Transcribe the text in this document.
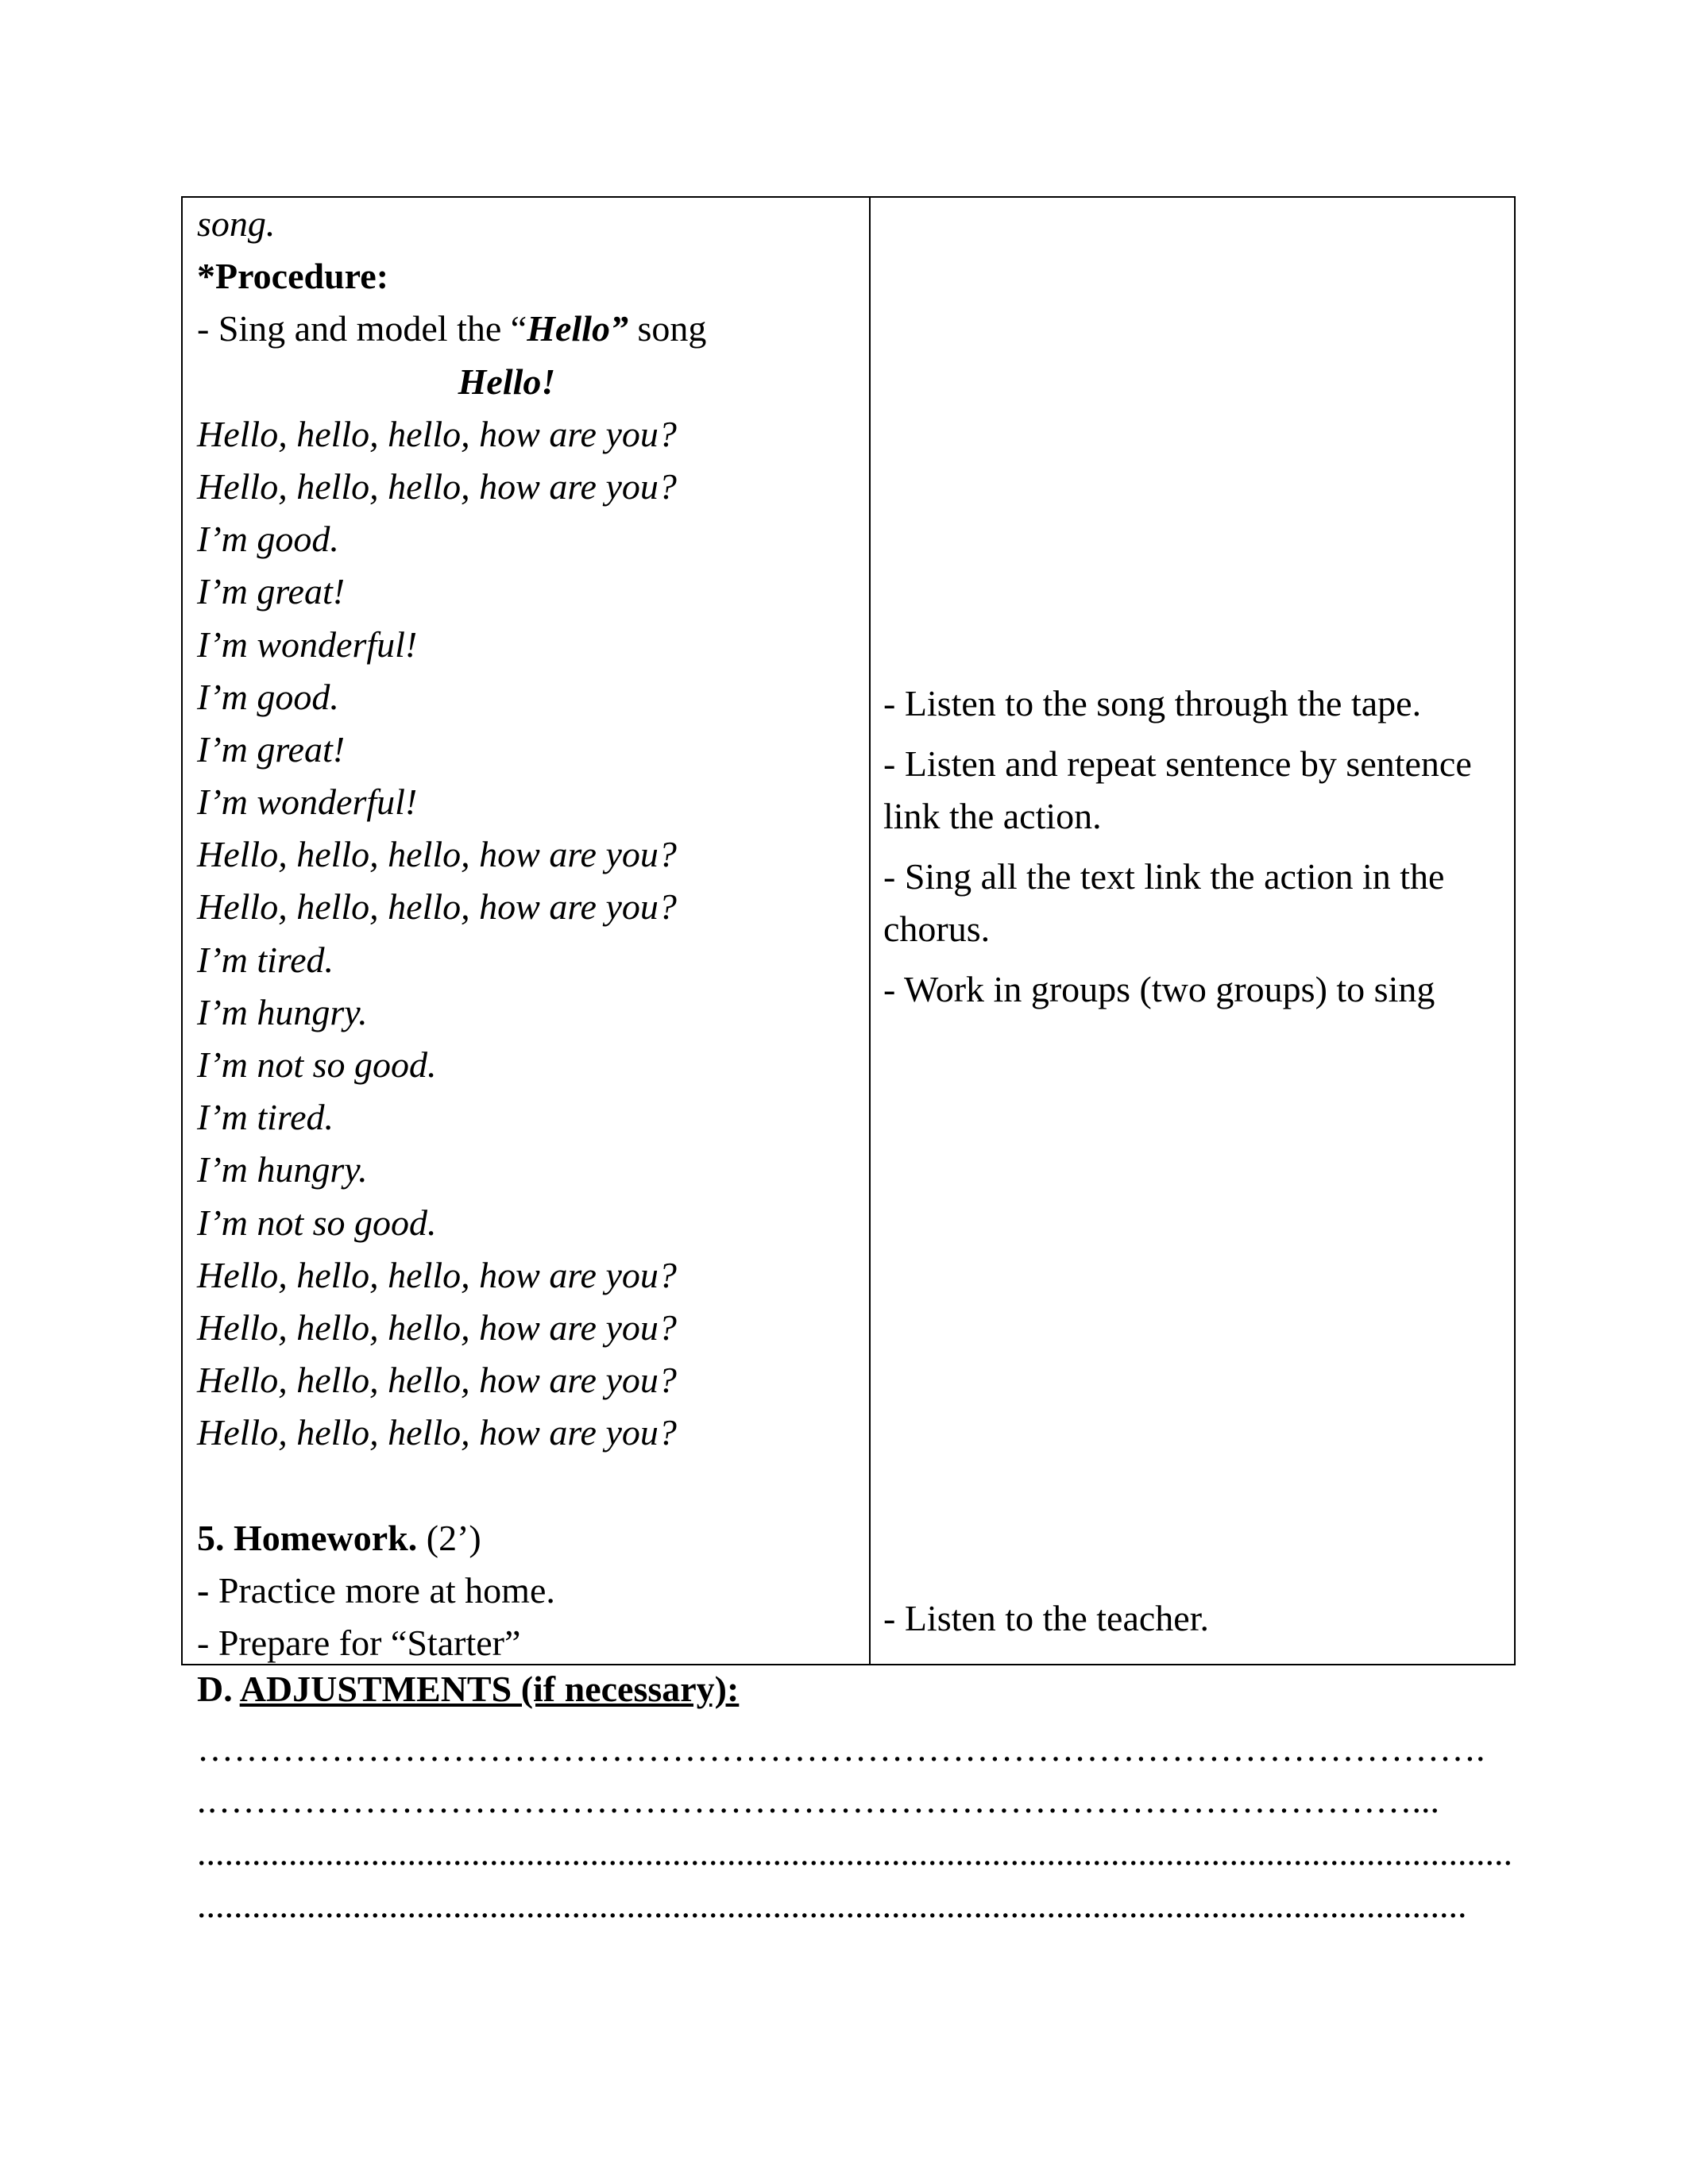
song.
*Procedure:
- Sing and model the “Hello” song
Hello!
Hello, hello, hello, how are you?
Hello, hello, hello, how are you?
I’m good.
I’m great!
I’m wonderful!
I’m good.
I’m great!
I’m wonderful!
Hello, hello, hello, how are you?
Hello, hello, hello, how are you?
I’m tired.
I’m hungry.
I’m not so good.
I’m tired.
I’m hungry.
I’m not so good.
Hello, hello, hello, how are you?
Hello, hello, hello, how are you?
Hello, hello, hello, how are you?
Hello, hello, hello, how are you?
5. Homework. (2’)
- Practice more at home.
- Prepare for “Starter”
- Listen to the song through the tape.
- Listen and repeat sentence by sentence link the action.
- Sing all the text link the action in the chorus.
- Work in groups (two groups) to sing
- Listen to the teacher.
D. ADJUSTMENTS (if necessary):
…………………………………………………………………………………………….
.………………………………………………………………………………………...
................................................................................................................................................
...........................................................................................................................................
